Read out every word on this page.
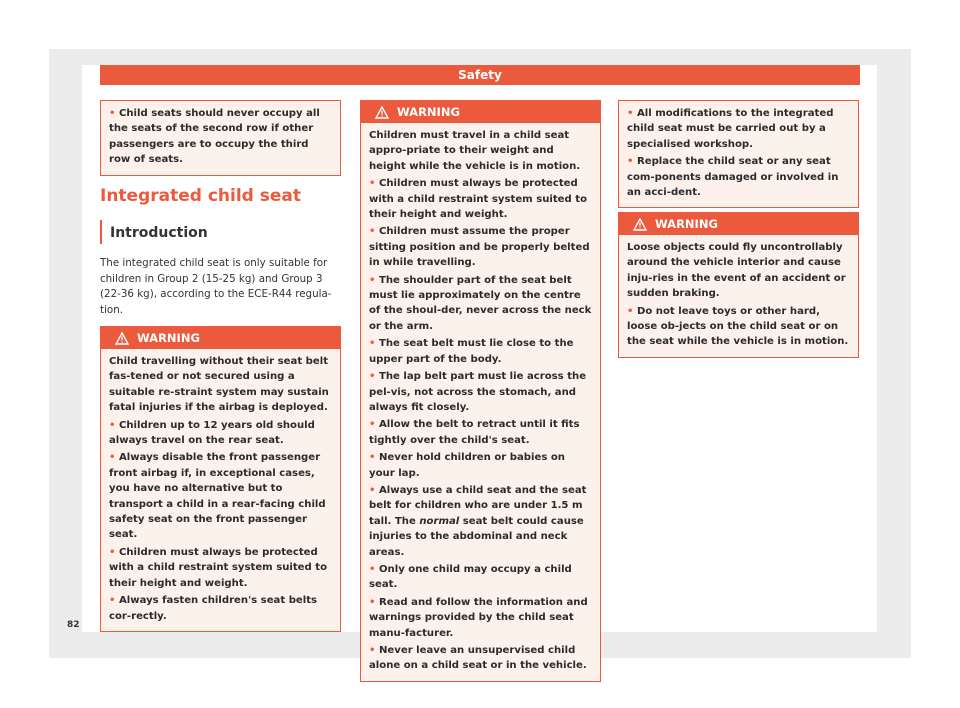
Safety
• Child seats should never occupy all the seats of the second row if other passengers are to occupy the third row of seats.
Integrated child seat
Introduction
The integrated child seat is only suitable for children in Group 2 (15-25 kg) and Group 3 (22-36 kg), according to the ECE-R44 regula-tion.
WARNING
Child travelling without their seat belt fas-tened or not secured using a suitable re-straint system may sustain fatal injuries if the airbag is deployed.
• Children up to 12 years old should always travel on the rear seat.
• Always disable the front passenger front airbag if, in exceptional cases, you have no alternative but to transport a child in a rear-facing child safety seat on the front passenger seat.
• Children must always be protected with a child restraint system suited to their height and weight.
• Always fasten children's seat belts cor-rectly.
WARNING
Children must travel in a child seat appro-priate to their weight and height while the vehicle is in motion.
• Children must always be protected with a child restraint system suited to their height and weight.
• Children must assume the proper sitting position and be properly belted in while travelling.
• The shoulder part of the seat belt must lie approximately on the centre of the shoul-der, never across the neck or the arm.
• The seat belt must lie close to the upper part of the body.
• The lap belt part must lie across the pel-vis, not across the stomach, and always fit closely.
• Allow the belt to retract until it fits tightly over the child's seat.
• Never hold children or babies on your lap.
• Always use a child seat and the seat belt for children who are under 1.5 m tall. The normal seat belt could cause injuries to the abdominal and neck areas.
• Only one child may occupy a child seat.
• Read and follow the information and warnings provided by the child seat manu-facturer.
• Never leave an unsupervised child alone on a child seat or in the vehicle.
• All modifications to the integrated child seat must be carried out by a specialised workshop.
• Replace the child seat or any seat com-ponents damaged or involved in an acci-dent.
WARNING
Loose objects could fly uncontrollably around the vehicle interior and cause inju-ries in the event of an accident or sudden braking.
• Do not leave toys or other hard, loose ob-jects on the child seat or on the seat while the vehicle is in motion.
82
